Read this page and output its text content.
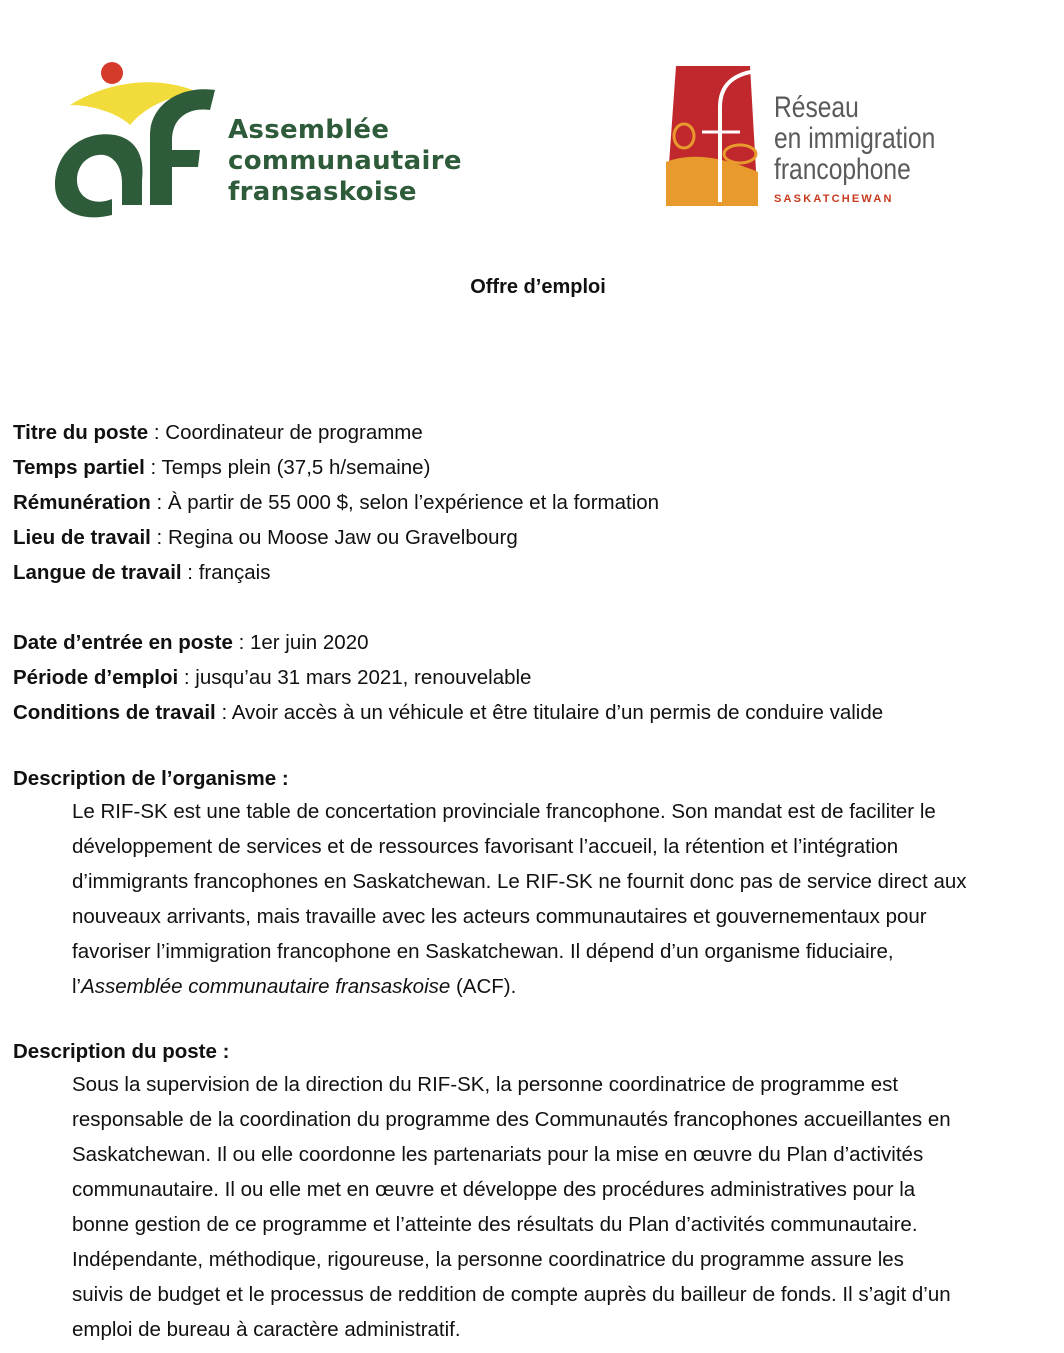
Assemblée
communautaire
fransaskoise
Réseau
en immigration
francophone
SASKATCHEWAN
Offre d’emploi
Titre du poste : Coordinateur de programme
Temps partiel : Temps plein (37,5 h/semaine)
Rémunération : À partir de 55 000 $, selon l’expérience et la formation
Lieu de travail : Regina ou Moose Jaw ou Gravelbourg
Langue de travail : français
Date d’entrée en poste : 1er juin 2020
Période d’emploi : jusqu’au 31 mars 2021, renouvelable
Conditions de travail : Avoir accès à un véhicule et être titulaire d’un permis de conduire valide
Description de l’organisme :
Le RIF-SK est une table de concertation provinciale francophone. Son mandat est de faciliter le
développement de services et de ressources favorisant l’accueil, la rétention et l’intégration
d’immigrants francophones en Saskatchewan. Le RIF-SK ne fournit donc pas de service direct aux
nouveaux arrivants, mais travaille avec les acteurs communautaires et gouvernementaux pour
favoriser l’immigration francophone en Saskatchewan. Il dépend d’un organisme fiduciaire,
l’Assemblée communautaire fransaskoise (ACF).
Description du poste :
Sous la supervision de la direction du RIF-SK, la personne coordinatrice de programme est
responsable de la coordination du programme des Communautés francophones accueillantes en
Saskatchewan. Il ou elle coordonne les partenariats pour la mise en œuvre du Plan d’activités
communautaire. Il ou elle met en œuvre et développe des procédures administratives pour la
bonne gestion de ce programme et l’atteinte des résultats du Plan d’activités communautaire.
Indépendante, méthodique, rigoureuse, la personne coordinatrice du programme assure les
suivis de budget et le processus de reddition de compte auprès du bailleur de fonds. Il s’agit d’un
emploi de bureau à caractère administratif.
